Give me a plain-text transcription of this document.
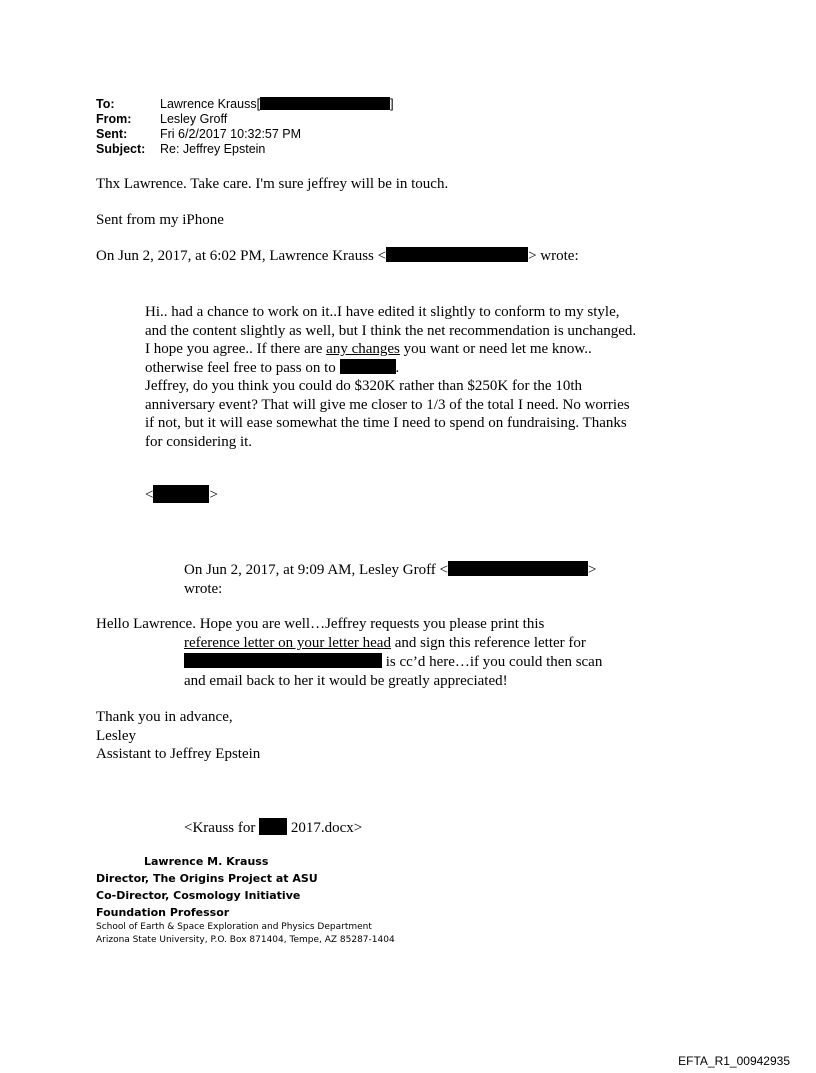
To:	Lawrence Krauss[	]
From: Lesley Groff
Sent:	Fri 6/2/2017 10:32:57 PM
Subject: Re: Jeffrey Epstein
Thx Lawrence. Take care. I'm sure jeffrey will be in touch.
Sent from my iPhone
On Jun 2, 2017, at 6:02 PM, Lawrence Krauss <	> wrote:
Hi.. had a chance to work on it..I have edited it slightly to conform to my style,
and the content slightly as well, but I think the net recommendation is unchanged.
I hope you agree.. If there are any changes you want or need let me know..
otherwise feel free to pass on to	.
Jeffrey, do you think you could do $320K rather than $250K for the 10th
anniversary event? That will give me closer to 1/3 of the total I need. No worries
if not, but it will ease somewhat the time I need to spend on fundraising. Thanks
for considering it.
<	>
On Jun 2, 2017, at 9:09 AM, Lesley Groff <	>
wrote:
Hello Lawrence. Hope you are well…Jeffrey requests you please print this
reference letter on your letter head and sign this reference letter for
is cc’d here…if you could then scan
and email back to her it would be greatly appreciated!
Thank you in advance,
Lesley
Assistant to Jeffrey Epstein
<Krauss for  2017.docx>
Lawrence M. Krauss
Director, The Origins Project at ASU
Co-Director, Cosmology Initiative
Foundation Professor
School of Earth & Space Exploration and Physics Department
Arizona State University, P.O. Box 871404, Tempe, AZ 85287-1404
EFTA_R1_00942935
